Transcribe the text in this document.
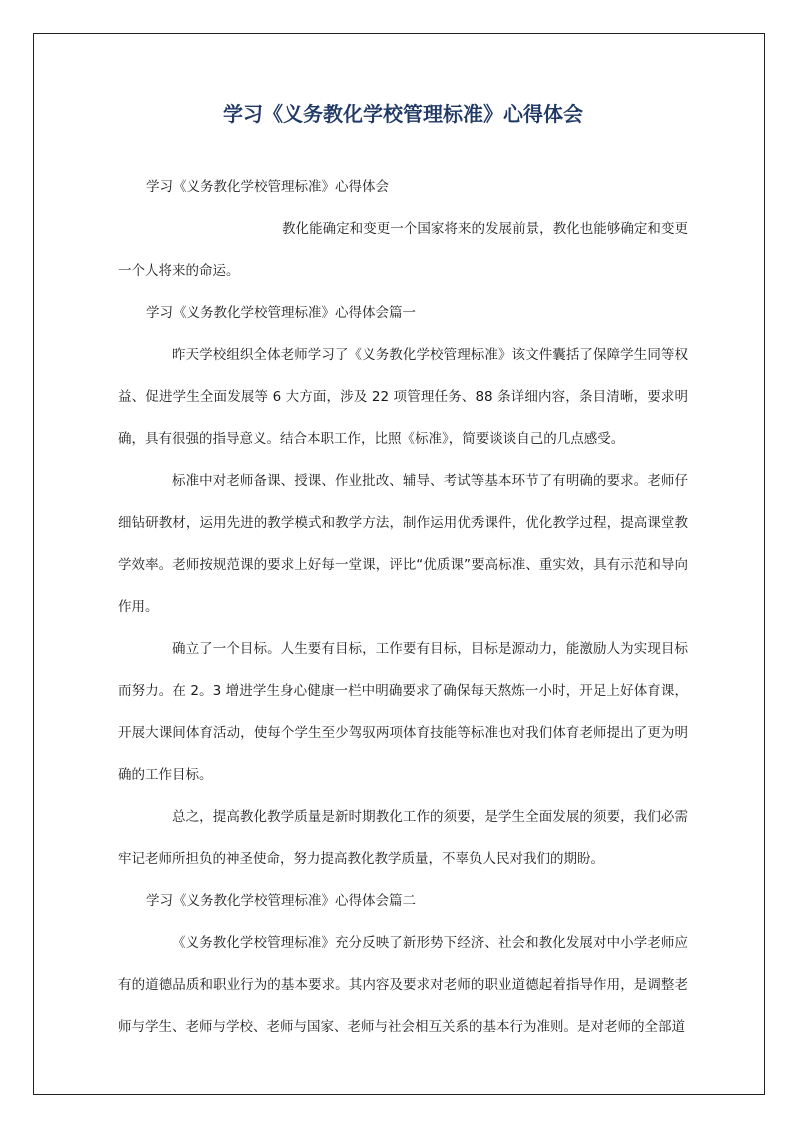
学习《义务教化学校管理标准》心得体会

学习《义务教化学校管理标准》心得体会

教化能确定和变更一个国家将来的发展前景，教化也能够确定和变更一个人将来的命运。

学习《义务教化学校管理标准》心得体会篇一

昨天学校组织全体老师学习了《义务教化学校管理标准》该文件囊括了保障学生同等权益、促进学生全面发展等 6 大方面，涉及 22 项管理任务、88 条详细内容，条目清晰，要求明确，具有很强的指导意义。结合本职工作，比照《标准》，简要谈谈自己的几点感受。

标准中对老师备课、授课、作业批改、辅导、考试等基本环节了有明确的要求。老师仔细钻研教材，运用先进的教学模式和教学方法，制作运用优秀课件，优化教学过程，提高课堂教学效率。老师按规范课的要求上好每一堂课，评比“优质课”要高标准、重实效，具有示范和导向作用。

确立了一个目标。人生要有目标，工作要有目标，目标是源动力，能激励人为实现目标而努力。在 2。3 增进学生身心健康一栏中明确要求了确保每天熬炼一小时，开足上好体育课，开展大课间体育活动，使每个学生至少驾驭两项体育技能等标准也对我们体育老师提出了更为明确的工作目标。

总之，提高教化教学质量是新时期教化工作的须要，是学生全面发展的须要，我们必需牢记老师所担负的神圣使命，努力提高教化教学质量，不辜负人民对我们的期盼。

学习《义务教化学校管理标准》心得体会篇二

《义务教化学校管理标准》充分反映了新形势下经济、社会和教化发展对中小学老师应有的道德品质和职业行为的基本要求。其内容及要求对老师的职业道德起着指导作用，是调整老师与学生、老师与学校、老师与国家、老师与社会相互关系的基本行为准则。是对老师的全部道
